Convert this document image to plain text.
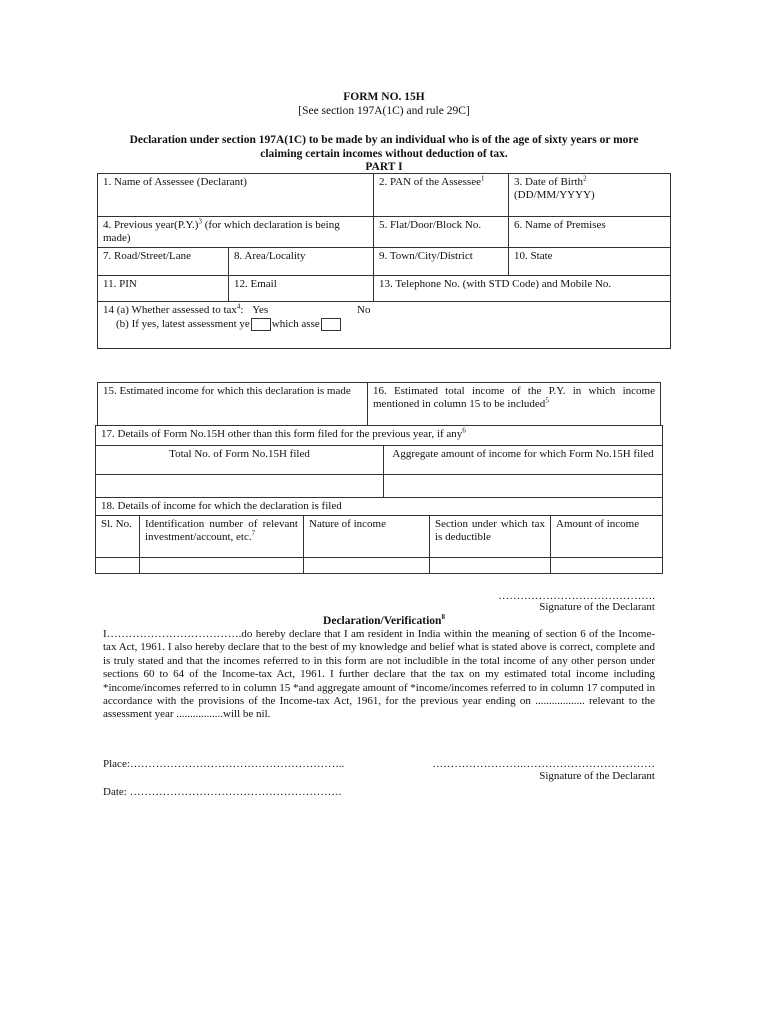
FORM NO. 15H
[See section 197A(1C) and rule 29C]
Declaration under section 197A(1C) to be made by an individual who is of the age of sixty years or more
claiming certain incomes without deduction of tax.
PART I
1. Name of Assessee (Declarant)		2. PAN of the Assessee$^1$	3. Date of Birth$^2$
(DD/MM/YYYY)
4. Previous $year(P.Y.)^3$ (for which declaration is being made)		5. Flat/Door/Block No.	6. Name of Premises
7. Road/Street/Lane	8. Area/Locality	9. Town/City/District	10. State
11. PIN	12. Email	13. Telephone No. (with STD Code) and Mobile No.	

14 (a) Whether assessed to tax$^4$: Yes No
(b) If yes, latest assessment ye which asse			
15. Estimated income for which this declaration is made	16. Estimated total income of the P.Y. in which income mentioned in column 15 to be included$^5$
17. Details of Form No.15H other than this form filed for the previous year, if any$^6$
Total No. of Form No.15H filed	Aggregate amount of income for which Form No.15H filed

18. Details of income for which the declaration is filed				
Sl. No.	Identification number of relevant investment/account, etc.$^7$	Nature of income	Section under which tax is deductible	Amount of income

…………………………………….
Signature of the Declarant
Declaration/Verification$^8$
I……………………………….do hereby declare that I am resident in India within the meaning of section 6 of the Income-tax Act, 1961. I also hereby declare that to the best of my knowledge and belief what is stated above is correct, complete and is truly stated and that the incomes referred to in this form are not includible in the total income of any other person under sections 60 to 64 of the Income-tax Act, 1961. I further declare that the tax on my estimated total income including *income/incomes referred to in column 15 *and aggregate amount of *income/incomes referred to in column 17 computed in accordance with the provisions of the Income-tax Act, 1961, for the previous year ending on .................. relevant to the assessment year .................will be nil.
Place:…………………………………………………..
Date: ………………………………………………….
…………………….………………………………
Signature of the Declarant
